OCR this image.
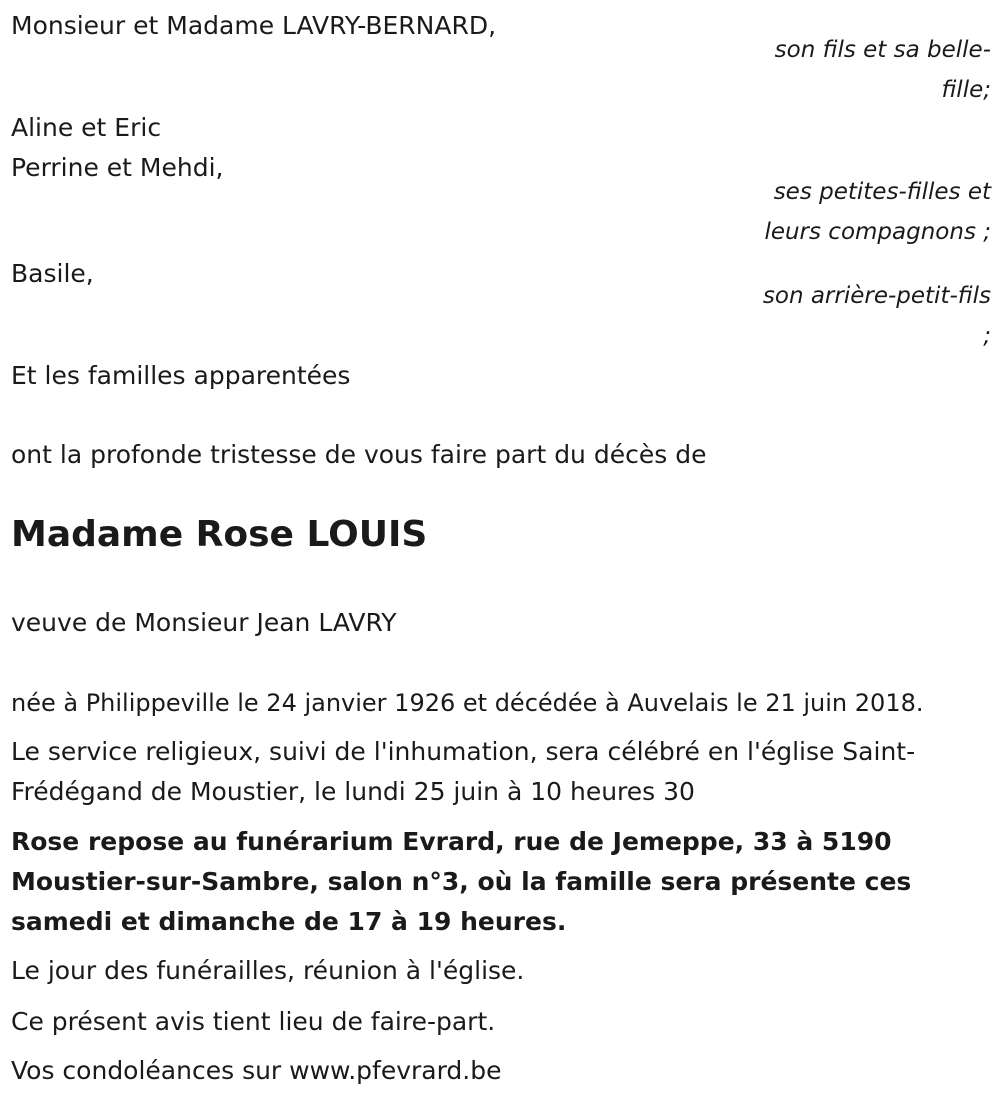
Monsieur et Madame LAVRY-BERNARD,

son fils et sa belle-

fille;

Aline et Eric

Perrine et Mehdi,

ses petites-filles et

leurs compagnons ;

Basile,

son arrière-petit-fils

;

Et les familles apparentées

ont la profonde tristesse de vous faire part du décès de

Madame Rose LOUIS

veuve de Monsieur Jean LAVRY

née à Philippeville le 24 janvier 1926 et décédée à Auvelais le 21 juin 2018.

Le service religieux, suivi de l'inhumation, sera célébré en l'église Saint-

Frédégand de Moustier, le lundi 25 juin à 10 heures 30

Rose repose au funérarium Evrard, rue de Jemeppe, 33 à 5190

Moustier-sur-Sambre, salon n°3, où la famille sera présente ces

samedi et dimanche de 17 à 19 heures.

Le jour des funérailles, réunion à l'église.

Ce présent avis tient lieu de faire-part.

Vos condoléances sur www.pfevrard.be
